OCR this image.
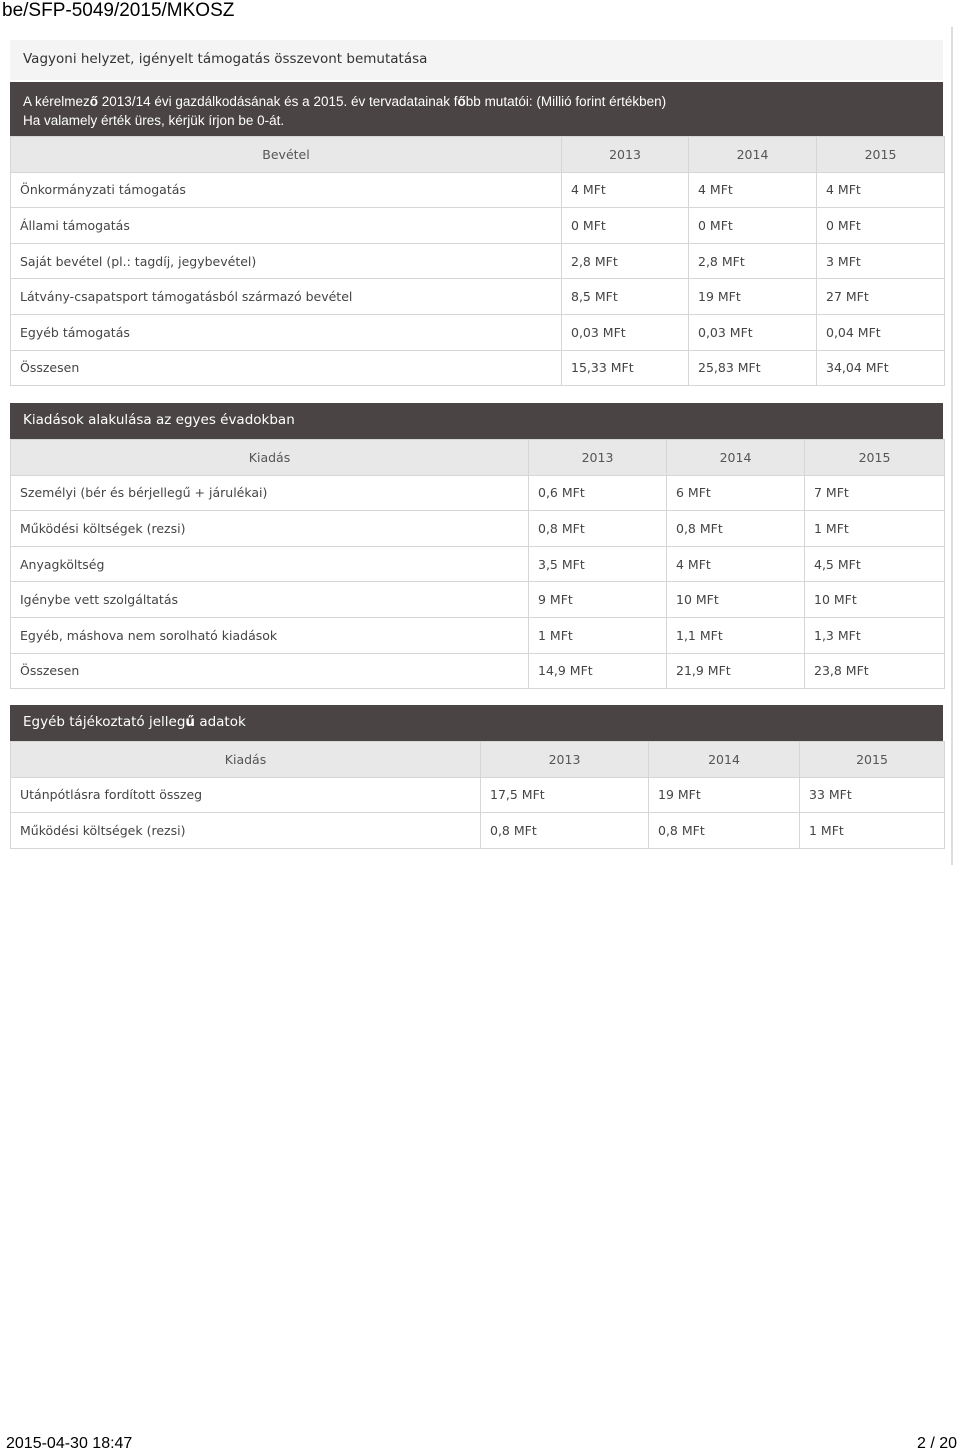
be/SFP-5049/2015/MKOSZ
Vagyoni helyzet, igényelt támogatás összevont bemutatása
A kérelmező 2013/14 évi gazdálkodásának és a 2015. év tervadatainak főbb mutatói: (Millió forint értékben)
Ha valamely érték üres, kérjük írjon be 0-át.
Bevétel	2013	2014	2015
Önkormányzati támogatás	4 MFt	4 MFt	4 MFt
Állami támogatás	0 MFt	0 MFt	0 MFt
Saját bevétel (pl.: tagdíj, jegybevétel)	2,8 MFt	2,8 MFt	3 MFt
Látvány-csapatsport támogatásból származó bevétel	8,5 MFt	19 MFt	27 MFt
Egyéb támogatás	0,03 MFt	0,03 MFt	0,04 MFt
Összesen	15,33 MFt	25,83 MFt	34,04 MFt
Kiadások alakulása az egyes évadokban
Kiadás	2013	2014	2015
Személyi (bér és bérjellegű + járulékai)	0,6 MFt	6 MFt	7 MFt
Működési költségek (rezsi)	0,8 MFt	0,8 MFt	1 MFt
Anyagköltség	3,5 MFt	4 MFt	4,5 MFt
Igénybe vett szolgáltatás	9 MFt	10 MFt	10 MFt
Egyéb, máshova nem sorolható kiadások	1 MFt	1,1 MFt	1,3 MFt
Összesen	14,9 MFt	21,9 MFt	23,8 MFt
Egyéb tájékoztató jellegű adatok
Kiadás	2013	2014	2015
Utánpótlásra fordított összeg	17,5 MFt	19 MFt	33 MFt
Működési költségek (rezsi)	0,8 MFt	0,8 MFt	1 MFt
2015-04-30 18:47	2 / 20
